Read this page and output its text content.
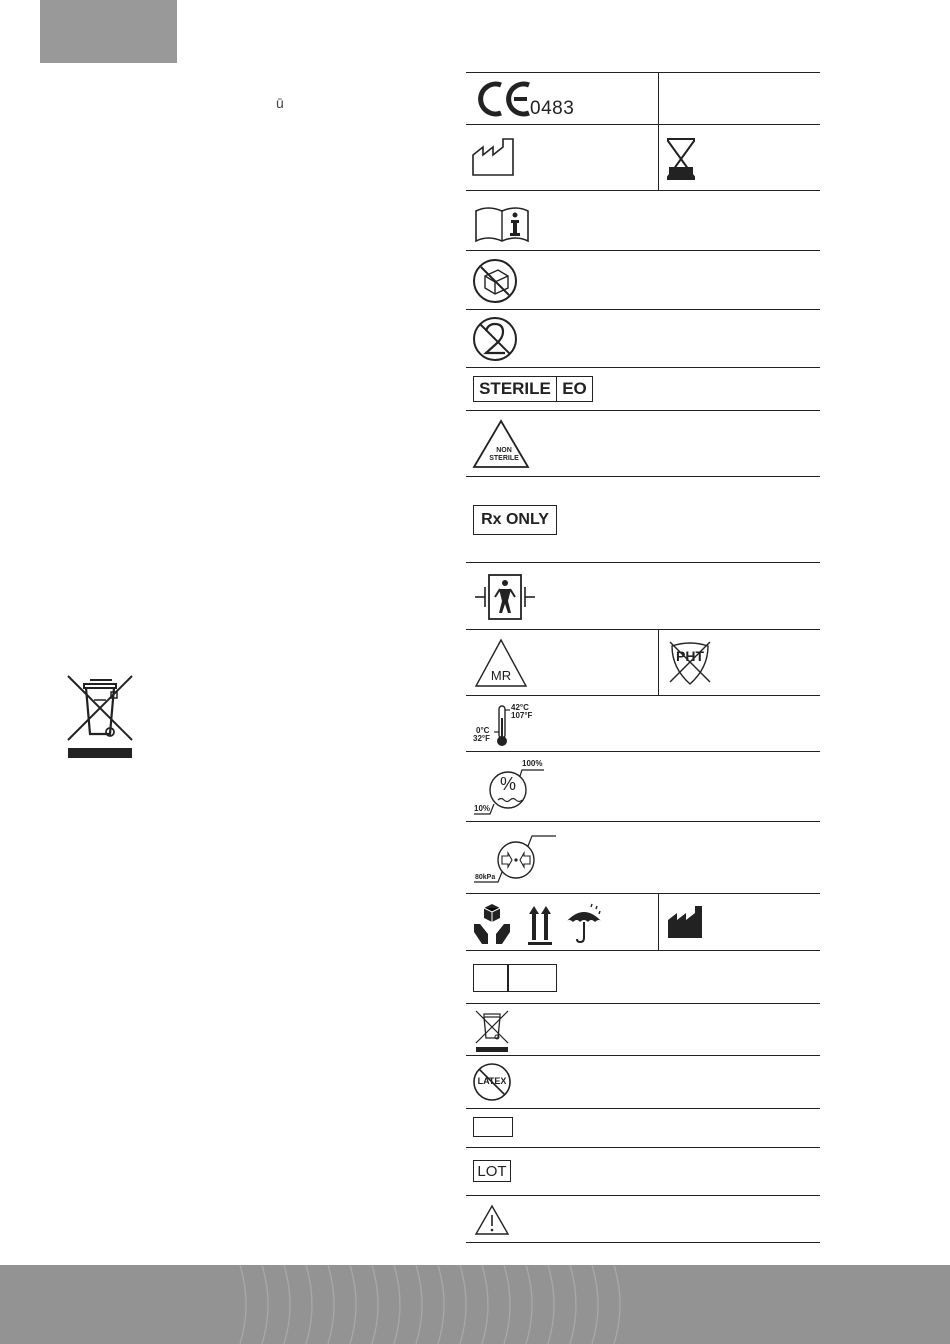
ū	0483
STERILE EO
NON
STERILE
Rx ONLY
MR
PHT
42°C
107°F
0°C
32°F
%
100%
10%
80kPa
LATEX
LOT
